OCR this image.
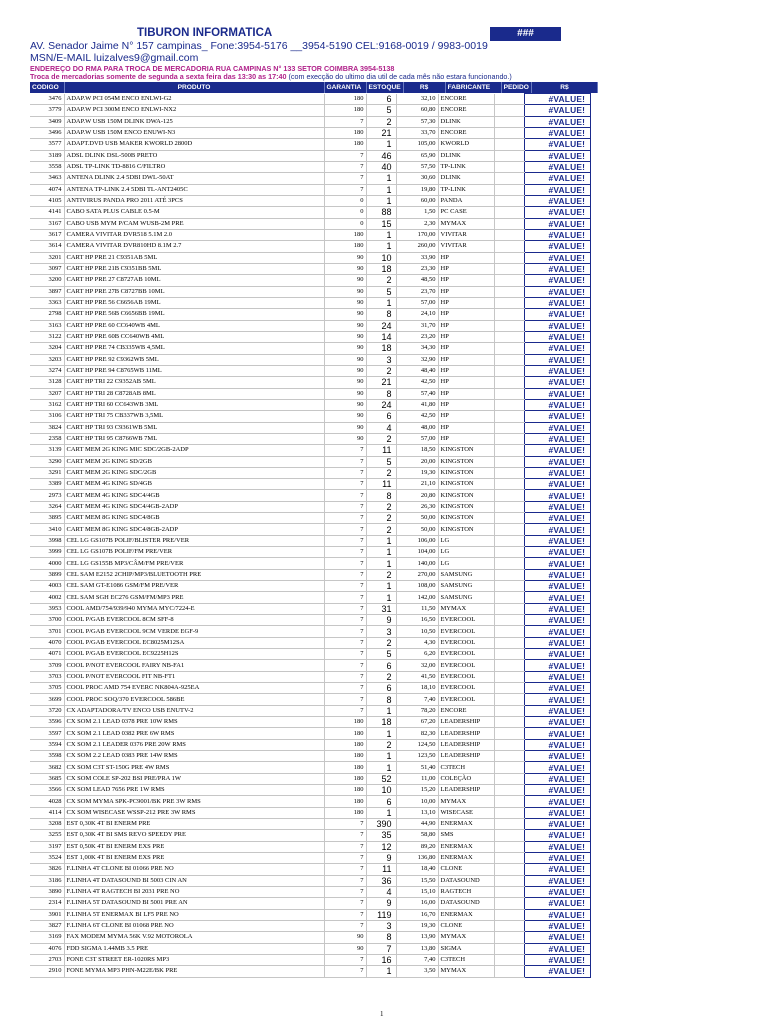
TIBURON INFORMATICA	###
AV. Senador Jaime N° 157 campinas_ Fone:3954-5176 __3954-5190 CEL:9168-0019 / 9983-0019
MSN/E-MAIL luizalves9@gmail.com
ENDEREÇO DO RMA PARA TROCA DE MERCADORIA RUA CAMPINAS N° 133 SETOR COIMBRA 3954-5138
Troca de mercadorias somente de segunda a sexta feira das 13:30 as 17:40 (com execção do ultimo dia util de cada mês não estara funcionando.)
CODIGO	PRODUTO	GARANTIA	ESTOQUE	R$	FABRICANTE	PEDIDO	R$
3476	ADAP.W PCI 054M ENCO ENLWI-G2	180	6	32,10	ENCORE		#VALUE!
3779	ADAP.W PCI 300M ENCO ENLWI-NX2	180	5	60,80	ENCORE		#VALUE!
3409	ADAP.W USB 150M DLINK DWA-125	7	2	57,30	DLINK		#VALUE!
3496	ADAP.W USB 150M ENCO ENUWI-N3	180	21	33,70	ENCORE		#VALUE!
3577	ADAPT.DVD USB MAKER KWORLD 2800D	180	1	105,00	KWORLD		#VALUE!
3189	ADSL DLINK DSL-500B PRETO	7	46	65,90	DLINK		#VALUE!
3558	ADSL TP-LINK TD-8816 C/FILTRO	7	40	57,50	TP-LINK		#VALUE!
3463	ANTENA DLINK 2.4 5DBI DWL-50AT	7	1	30,60	DLINK		#VALUE!
4074	ANTENA TP-LINK 2.4 5DBI TL-ANT2405C	7	1	19,80	TP-LINK		#VALUE!
4105	ANTIVIRUS PANDA PRO 2011 ATÉ 3PCS	0	1	60,00	PANDA		#VALUE!
4141	CABO SATA PLUS CABLE 0.5-M	0	88	1,50	PC CASE		#VALUE!
3167	CABO USB MYM P/CAM WUSB-2M PRE	0	15	2,30	MYMAX		#VALUE!
3617	CAMERA VIVITAR DVR518 5.1M 2.0	180	1	170,00	VIVITAR		#VALUE!
3614	CAMERA VIVITAR DVR810HD 8.1M 2.7	180	1	260,00	VIVITAR		#VALUE!
3201	CART HP PRE 21 C9351AB 5ML	90	10	33,90	HP		#VALUE!
3097	CART HP PRE 21B C9351BB 5ML	90	18	23,30	HP		#VALUE!
3200	CART HP PRE 27 C8727AB 10ML	90	2	48,50	HP		#VALUE!
3897	CART HP PRE 27B C8727BB 10ML	90	5	23,70	HP		#VALUE!
3363	CART HP PRE 56 C6656AB 19ML	90	1	57,00	HP		#VALUE!
2798	CART HP PRE 56B C6656BB 19ML	90	8	24,10	HP		#VALUE!
3163	CART HP PRE 60 CC640WB 4ML	90	24	31,70	HP		#VALUE!
3122	CART HP PRE 60B CC640WB 4ML	90	14	23,20	HP		#VALUE!
3204	CART HP PRE 74 CB335WB 4,5ML	90	18	34,30	HP		#VALUE!
3203	CART HP PRE 92 C9362WB 5ML	90	3	32,90	HP		#VALUE!
3274	CART HP PRE 94 C8765WB 11ML	90	2	48,40	HP		#VALUE!
3128	CART HP TRI 22 C9352AB 5ML	90	21	42,50	HP		#VALUE!
3207	CART HP TRI 28 C8728AB 8ML	90	8	57,40	HP		#VALUE!
3162	CART HP TRI 60 CC643WB 3ML	90	24	41,80	HP		#VALUE!
3106	CART HP TRI 75 CB337WB 3,5ML	90	6	42,50	HP		#VALUE!
3824	CART HP TRI 93 C9361WB 5ML	90	4	48,00	HP		#VALUE!
2358	CART HP TRI 95 C8766WB 7ML	90	2	57,00	HP		#VALUE!
3139	CART MEM 2G KING MIC SDC/2GB-2ADP	7	11	18,50	KINGSTON		#VALUE!
3290	CART MEM 2G KING SD/2GB	7	5	20,00	KINGSTON		#VALUE!
3291	CART MEM 2G KING SDC/2GB	7	2	19,30	KINGSTON		#VALUE!
3389	CART MEM 4G KING SD/4GB	7	11	21,10	KINGSTON		#VALUE!
2973	CART MEM 4G KING SDC4/4GB	7	8	20,80	KINGSTON		#VALUE!
3264	CART MEM 4G KING SDC4/4GB-2ADP	7	2	26,30	KINGSTON		#VALUE!
3895	CART MEM 8G KING SDC4/8GB	7	2	50,00	KINGSTON		#VALUE!
3410	CART MEM 8G KING SDC4/8GB-2ADP	7	2	50,00	KINGSTON		#VALUE!
3998	CEL LG GS107B POLIF/BLISTER PRE/VER	7	1	106,00	LG		#VALUE!
3999	CEL LG GS107B POLIF/FM PRE/VER	7	1	104,00	LG		#VALUE!
4000	CEL LG GS155B MP3/CÂM/FM PRE/VER	7	1	140,00	LG		#VALUE!
3899	CEL SAM E2152 2CHIP/MP3/BLUETOOTH PRE	7	2	270,00	SAMSUNG		#VALUE!
4003	CEL SAM GT-E1086 GSM/FM PRE/VER	7	1	108,00	SAMSUNG		#VALUE!
4002	CEL SAM SGH EC276 GSM/FM/MP3 PRE	7	1	142,00	SAMSUNG		#VALUE!
3953	COOL AMD/754/939/940 MYMA MYC/7224-E	7	31	11,50	MYMAX		#VALUE!
3700	COOL P/GAB EVERCOOL 8CM SFF-8	7	9	16,50	EVERCOOL		#VALUE!
3701	COOL P/GAB EVERCOOL 9CM VERDE EGF-9	7	3	10,50	EVERCOOL		#VALUE!
4070	COOL P/GAB EVERCOOL EC8025M12SA	7	2	4,30	EVERCOOL		#VALUE!
4071	COOL P/GAB EVERCOOL EC9225H12S	7	5	6,20	EVERCOOL		#VALUE!
3709	COOL P/NOT EVERCOOL FAIRY NB-FA1	7	6	32,00	EVERCOOL		#VALUE!
3703	COOL P/NOT EVERCOOL FIT NB-FT1	7	2	41,50	EVERCOOL		#VALUE!
3705	COOL PROC AMD 754 EVERC NK804A-925EA	7	6	18,10	EVERCOOL		#VALUE!
3699	COOL PROC SOQ/370 EVERCOOL 586BE	7	8	7,40	EVERCOOL		#VALUE!
3720	CX ADAPTADORA/TV ENCO USB ENUTV-2	7	1	78,20	ENCORE		#VALUE!
3596	CX SOM 2.1 LEAD 0378 PRE 10W RMS	180	18	67,20	LEADERSHIP		#VALUE!
3597	CX SOM 2.1 LEAD 0382 PRE 6W RMS	180	1	82,30	LEADERSHIP		#VALUE!
3594	CX SOM 2.1 LEADER 0376 PRE 20W RMS	180	2	124,50	LEADERSHIP		#VALUE!
3598	CX SOM 2.2 LEAD 0383 PRE 14W RMS	180	1	123,50	LEADERSHIP		#VALUE!
3682	CX SOM C3T ST-150G PRE 4W RMS	180	1	51,40	C3TECH		#VALUE!
3685	CX SOM COLE SP-202 BSI PRE/PRA 1W	180	52	11,00	COLEÇÃO		#VALUE!
3566	CX SOM LEAD 7656 PRE 1W RMS	180	10	15,20	LEADERSHIP		#VALUE!
4028	CX SOM MYMA SPK-PC9001/BK PRE 3W RMS	180	6	10,00	MYMAX		#VALUE!
4114	CX SOM WISECASE WSSP-212 PRE 3W RMS	180	1	13,10	WISECASE		#VALUE!
3208	EST 0,30K 4T BI ENERM PRE	7	390	44,90	ENERMAX		#VALUE!
3255	EST 0,30K 4T BI SMS REVO SPEEDY PRE	7	35	58,80	SMS		#VALUE!
3197	EST 0,50K 4T BI ENERM EXS PRE	7	12	89,20	ENERMAX		#VALUE!
3524	EST 1,00K 4T BI ENERM EXS PRE	7	9	136,80	ENERMAX		#VALUE!
3826	F.LINHA 4T CLONE BI 01066 PRE NO	7	11	18,40	CLONE		#VALUE!
3186	F.LINHA 4T DATASOUND BI 5003 CIN AN	7	36	15,50	DATASOUND		#VALUE!
3890	F.LINHA 4T RAGTECH BI 2031 PRE NO	7	4	15,10	RAGTECH		#VALUE!
2314	F.LINHA 5T DATASOUND BI 5001 PRE AN	7	9	16,00	DATASOUND		#VALUE!
3901	F.LINHA 5T ENERMAX BI LF5 PRE NO	7	119	16,70	ENERMAX		#VALUE!
3827	F.LINHA 6T CLONE BI 01068 PRE NO	7	3	19,30	CLONE		#VALUE!
3169	FAX MODEM MYMA 56K V.92 MOTOROLA	90	8	13,90	MYMAX		#VALUE!
4076	FDD SIGMA 1.44MB 3.5 PRE	90	7	13,80	SIGMA		#VALUE!
2703	FONE C3T STREET ER-1020RS MP3	7	16	7,40	C3TECH		#VALUE!
2910	FONE MYMA MP3 PHN-M22E/BK PRE	7	1	3,50	MYMAX		#VALUE!
1
